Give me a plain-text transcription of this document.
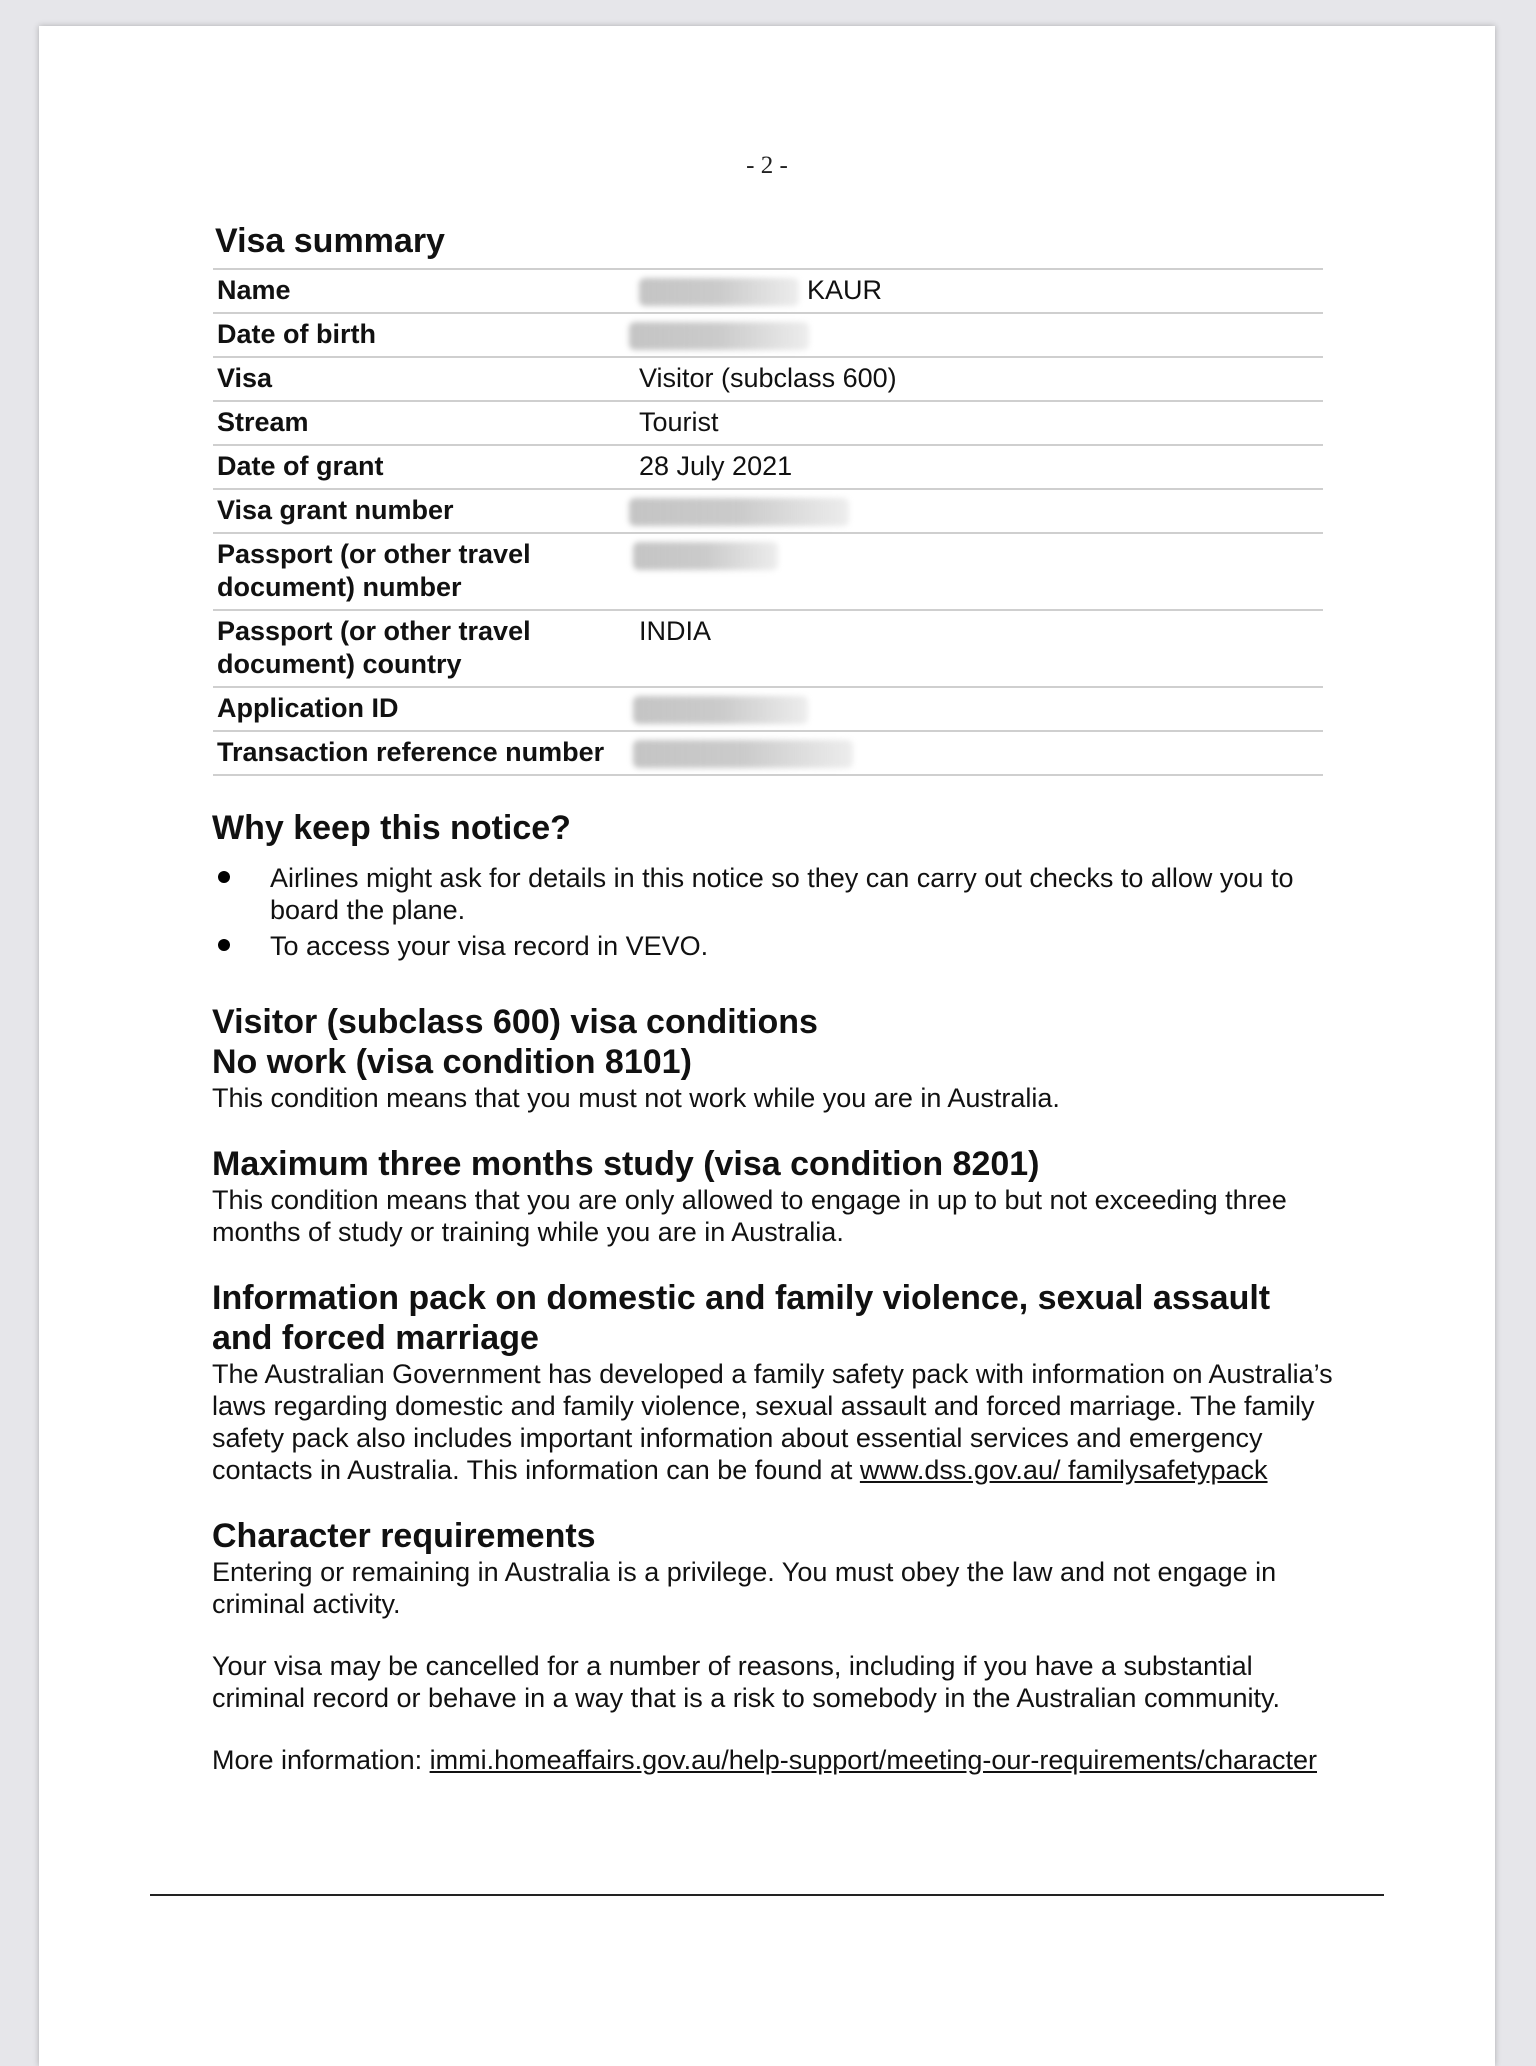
- 2 -
Visa summary
Name	KAUR
Date of birth	
Visa	Visitor (subclass 600)
Stream	Tourist
Date of grant	28 July 2021
Visa grant number	
Passport (or other travel document) number	
Passport (or other travel document) country	INDIA
Application ID	
Transaction reference number	
Why keep this notice?
Airlines might ask for details in this notice so they can carry out checks to allow you to board the plane.
To access your visa record in VEVO.
Visitor (subclass 600) visa conditions
No work (visa condition 8101)

This condition means that you must not work while you are in Australia.

Maximum three months study (visa condition 8201)

This condition means that you are only allowed to engage in up to but not exceeding three months of study or training while you are in Australia.

Information pack on domestic and family violence, sexual assault and forced marriage

The Australian Government has developed a family safety pack with information on Australia’s laws regarding domestic and family violence, sexual assault and forced marriage. The family safety pack also includes important information about essential services and emergency contacts in Australia. This information can be found at www.dss.gov.au/ familysafetypack

Character requirements

Entering or remaining in Australia is a privilege. You must obey the law and not engage in criminal activity.

Your visa may be cancelled for a number of reasons, including if you have a substantial criminal record or behave in a way that is a risk to somebody in the Australian community.

More information: immi.homeaffairs.gov.au/help-support/meeting-our-requirements/character
